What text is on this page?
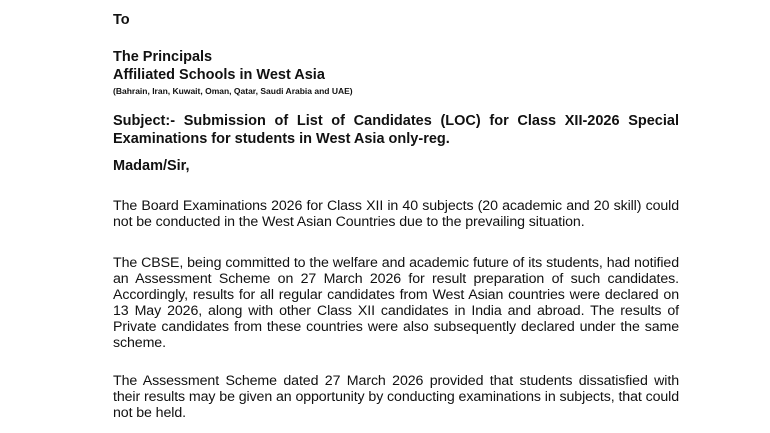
To

The Principals

Affiliated Schools in West Asia

(Bahrain, Iran, Kuwait, Oman, Qatar, Saudi Arabia and UAE)

Subject:- Submission of List of Candidates (LOC) for Class XII-2026 Special Examinations for students in West Asia only-reg.

Madam/Sir,

The Board Examinations 2026 for Class XII in 40 subjects (20 academic and 20 skill) could not be conducted in the West Asian Countries due to the prevailing situation.

The CBSE, being committed to the welfare and academic future of its students, had notified an Assessment Scheme on 27 March 2026 for result preparation of such candidates. Accordingly, results for all regular candidates from West Asian countries were declared on 13 May 2026, along with other Class XII candidates in India and abroad. The results of Private candidates from these countries were also subsequently declared under the same scheme.

The Assessment Scheme dated 27 March 2026 provided that students dissatisfied with their results may be given an opportunity by conducting examinations in subjects, that could not be held.
